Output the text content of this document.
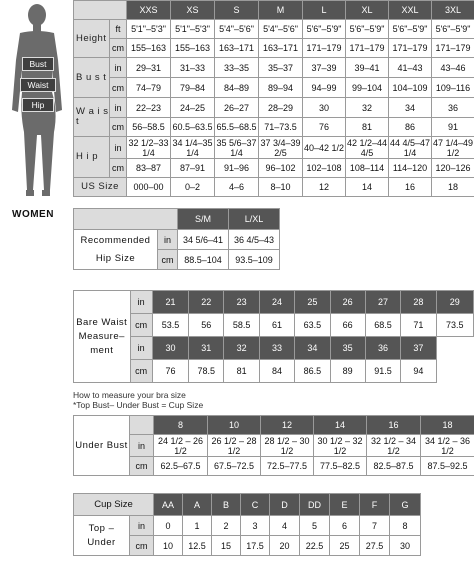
Bust
Waist
Hip
WOMEN
		XXS	XS	S	M	L	XL	XXL	3XL
Height	ft	5'1"–5'3"	5'1"–5'3"	5'4"–5'6"	5'4"–5'6"	5'6"–5'9"	5'6"–5'9"	5'6"–5'9"	5'6"–5'9"
	cm	155–163	155–163	163–171	163–171	171–179	171–179	171–179	171–179
B u s t	in	29–31	31–33	33–35	35–37	37–39	39–41	41–43	43–46
	cm	74–79	79–84	84–89	89–94	94–99	99–104	104–109	109–116
W a i s t	in	22–23	24–25	26–27	28–29	30	32	34	36
	cm	56–58.5	60.5–63.5	65.5–68.5	71–73.5	76	81	86	91
H i p	in	32 1/2–33 1/4	34 1/4–35 1/4	35 5/6–37 1/4	37 3/4–39 2/5	40–42 1/2	42 1/2–44 4/5	44 4/5–47 1/4	47 1/4–49 1/2
	cm	83–87	87–91	91–96	96–102	102–108	108–114	114–120	120–126
US Size		000–00	0–2	4–6	8–10	12	14	16	18
		S/M	L/XL
Recommended Hip Size	in	34 5/6–41	36 4/5–43
	cm	88.5–104	93.5–109
Bare Waist Measure– ment	in	21	22	23	24	25	26	27	28	29
	cm	53.5	56	58.5	61	63.5	66	68.5	71	73.5
	in	30	31	32	33	34	35	36	37	
	cm	76	78.5	81	84	86.5	89	91.5	94	
How to measure your bra size
*Top Bust– Under Bust = Cup Size
Under Bust		8	10	12	14	16	18
	in	24 1/2 – 26 1/2	26 1/2 – 28 1/2	28 1/2 – 30 1/2	30 1/2 – 32 1/2	32 1/2 – 34 1/2	34 1/2 – 36 1/2
	cm	62.5–67.5	67.5–72.5	72.5–77.5	77.5–82.5	82.5–87.5	87.5–92.5
Cup Size		AA	A	B	C	D	DD	E	F	G
Top – Under	in	0	1	2	3	4	5	6	7	8
	cm	10	12.5	15	17.5	20	22.5	25	27.5	30
